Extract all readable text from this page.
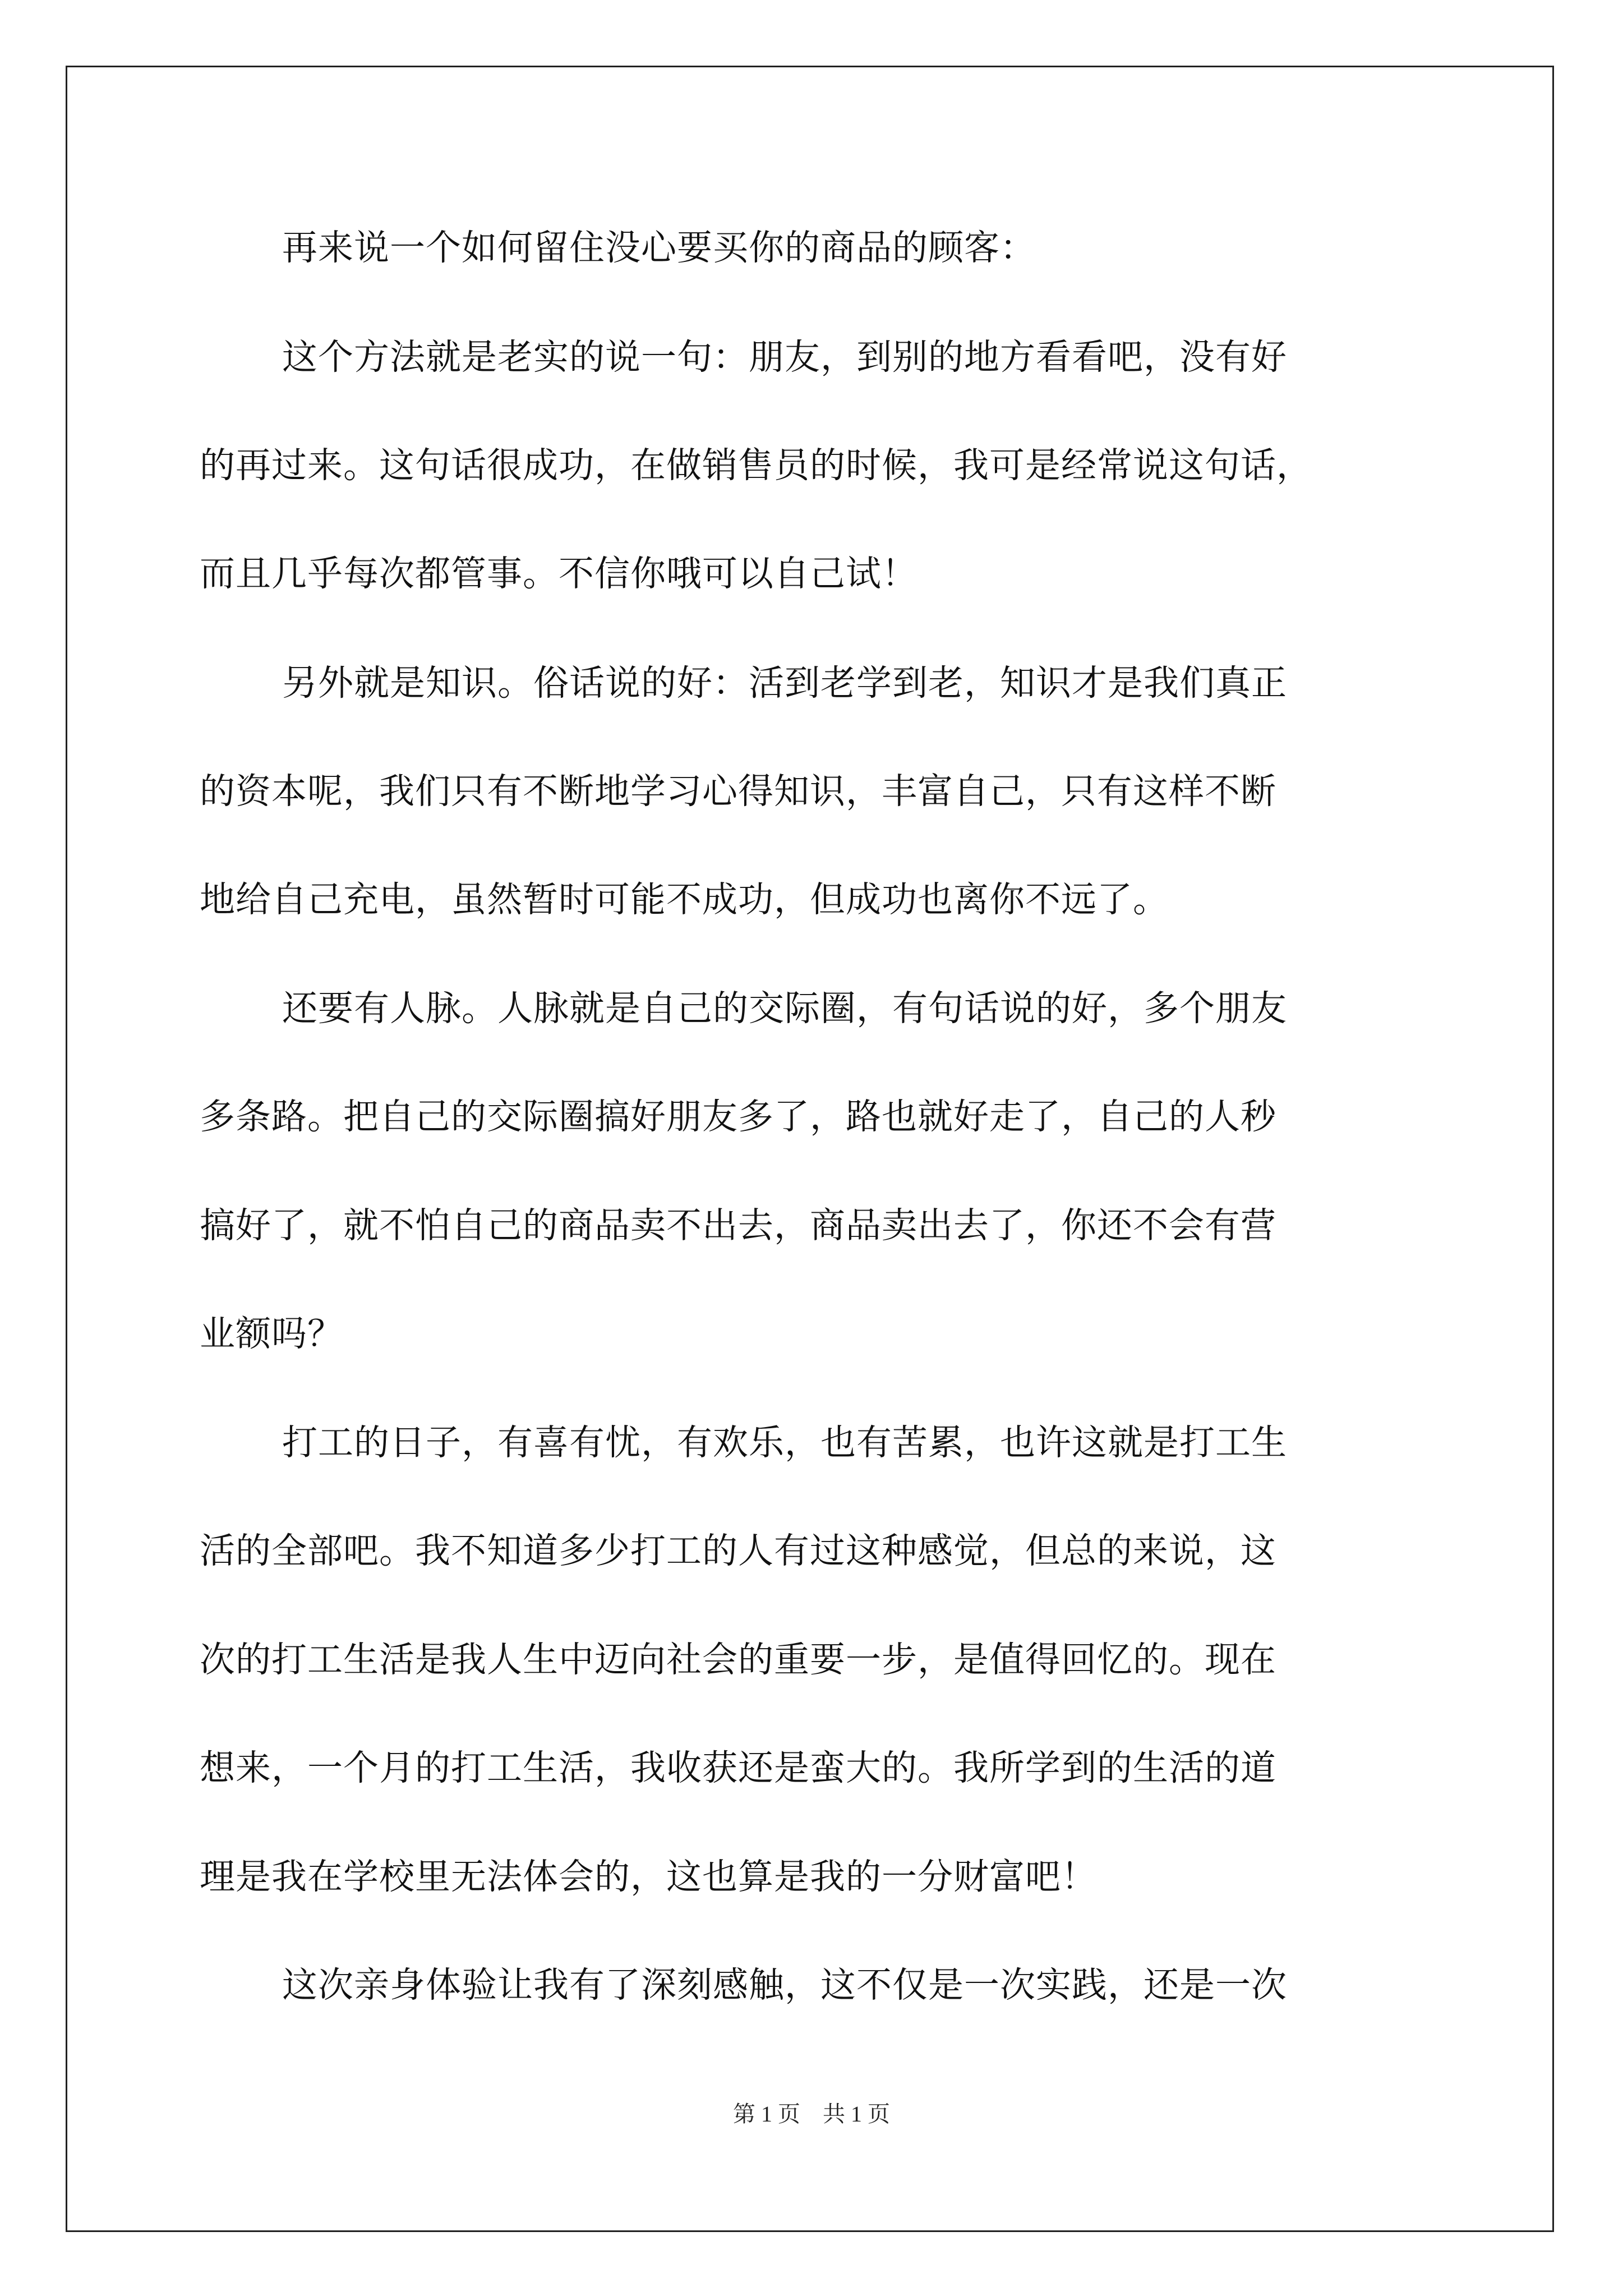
再来说一个如何留住没心要买你的商品的顾客：
这个方法就是老实的说一句：朋友，到别的地方看看吧，没有好
的再过来。这句话很成功，在做销售员的时候，我可是经常说这句话，
而且几乎每次都管事。不信你哦可以自己试！
另外就是知识。俗话说的好：活到老学到老，知识才是我们真正
的资本呢，我们只有不断地学习心得知识，丰富自己，只有这样不断
地给自己充电，虽然暂时可能不成功，但成功也离你不远了。
还要有人脉。人脉就是自己的交际圈，有句话说的好，多个朋友
多条路。把自己的交际圈搞好朋友多了，路也就好走了，自己的人秒
搞好了，就不怕自己的商品卖不出去，商品卖出去了，你还不会有营
业额吗？
打工的日子，有喜有忧，有欢乐，也有苦累，也许这就是打工生
活的全部吧。我不知道多少打工的人有过这种感觉，但总的来说，这
次的打工生活是我人生中迈向社会的重要一步，是值得回忆的。现在
想来，一个月的打工生活，我收获还是蛮大的。我所学到的生活的道
理是我在学校里无法体会的，这也算是我的一分财富吧！
这次亲身体验让我有了深刻感触，这不仅是一次实践，还是一次
第 1 页　共 1 页
